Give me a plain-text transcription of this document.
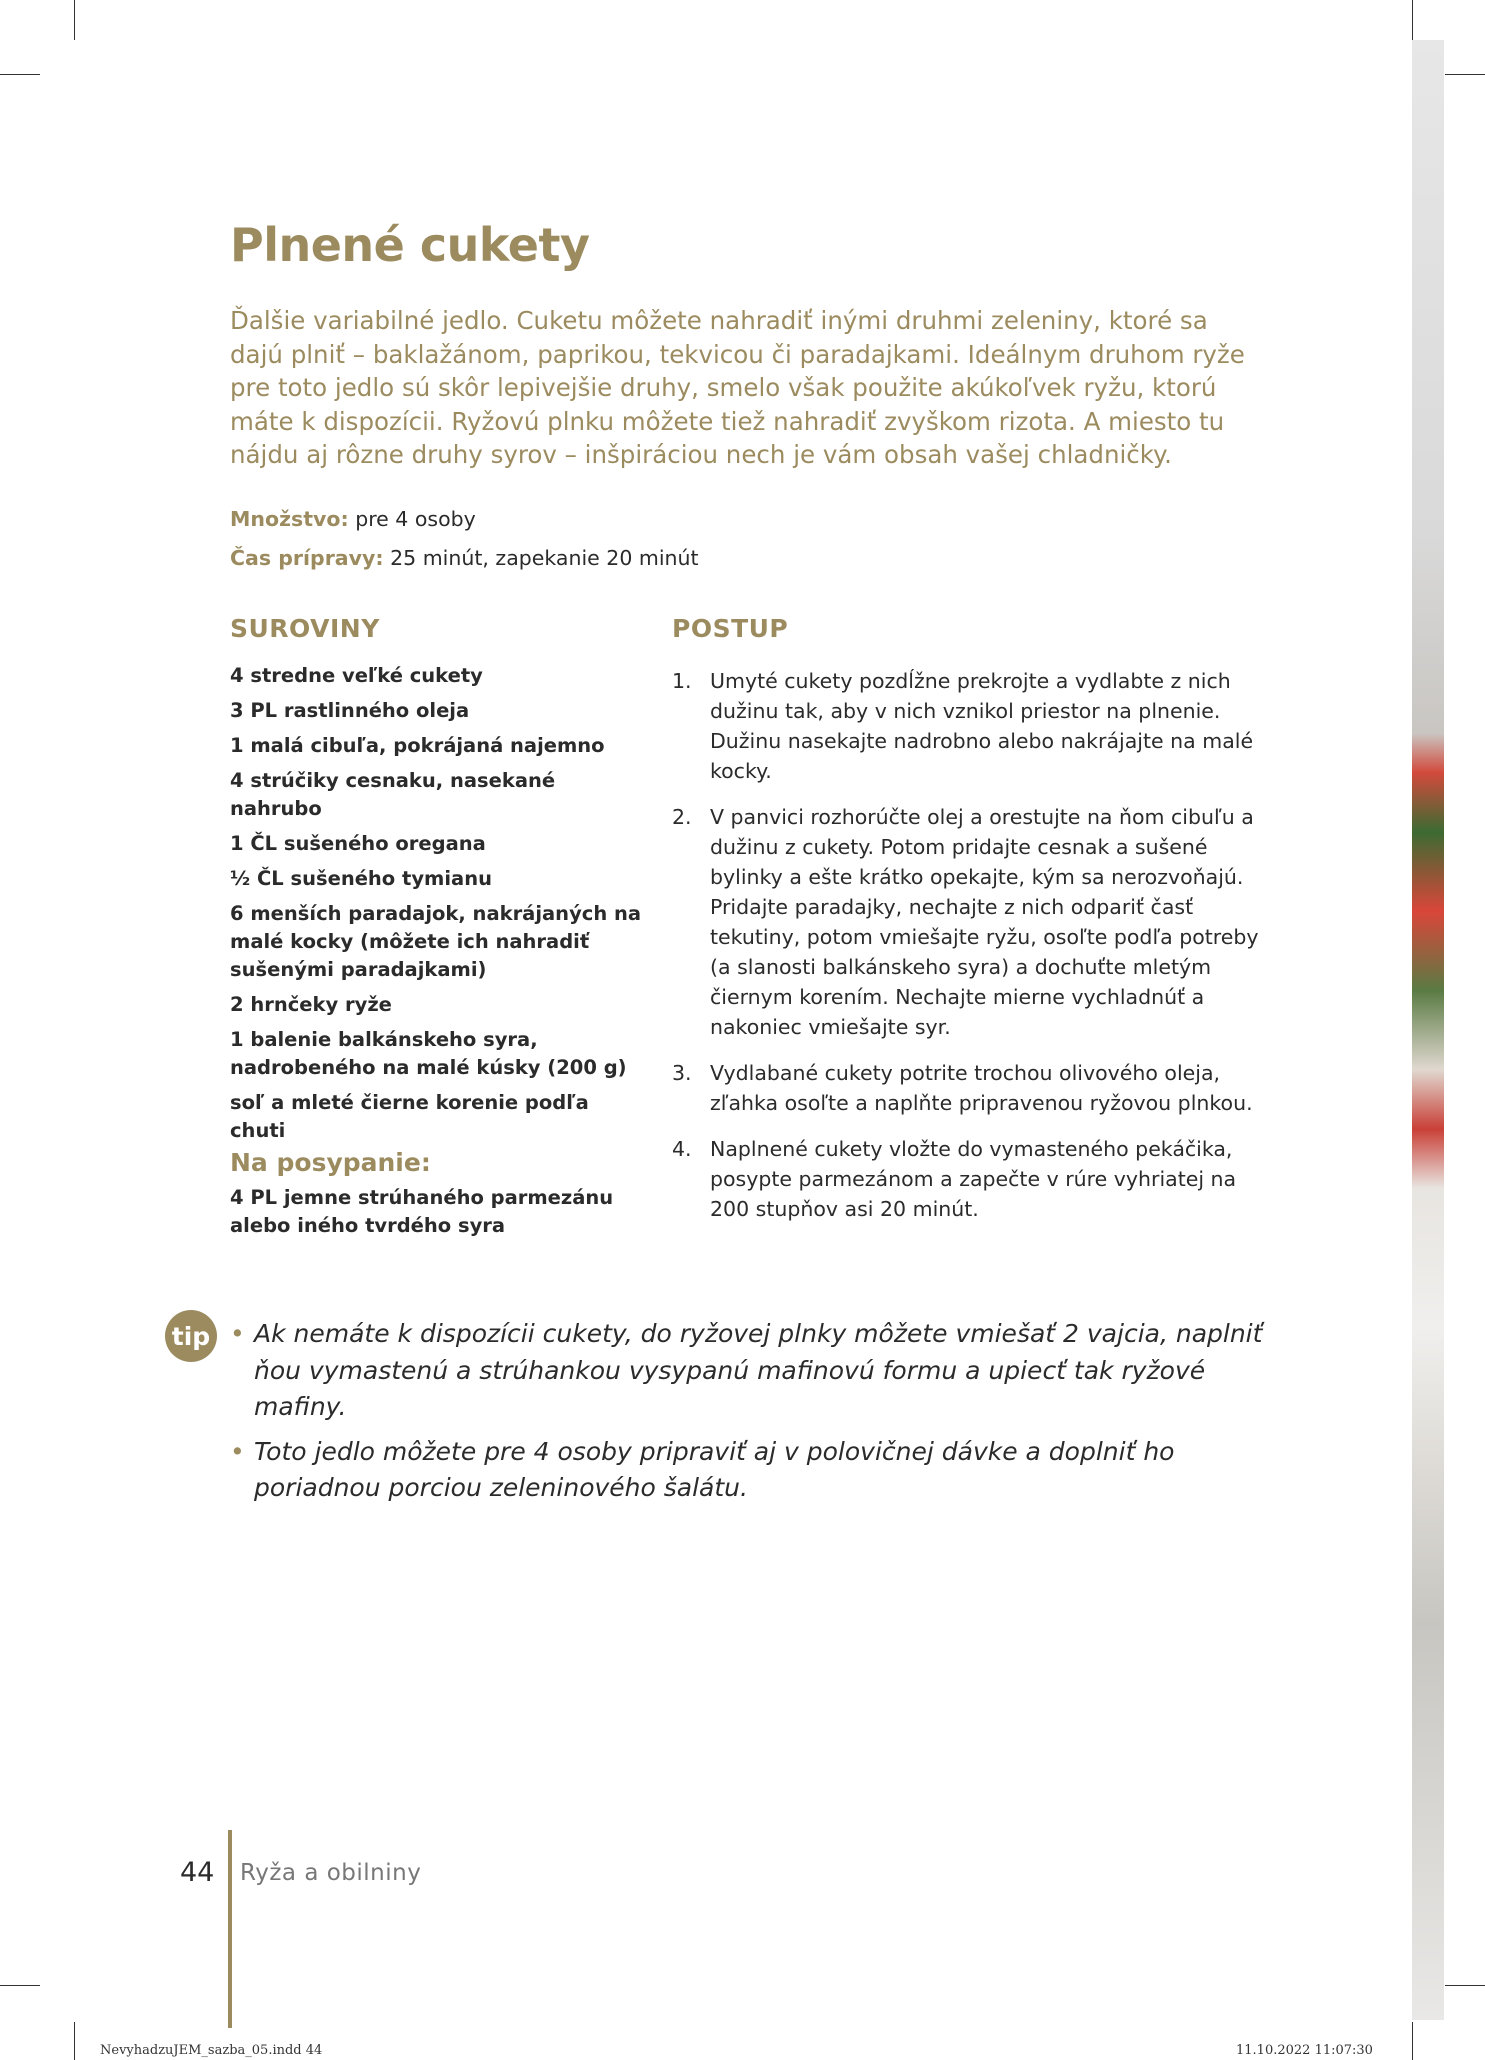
Plnené cukety

Ďalšie variabilné jedlo. Cuketu môžete nahradiť inými druhmi zeleniny, ktoré sa dajú plniť – baklažánom, paprikou, tekvicou či paradajkami. Ideálnym druhom ryže pre toto jedlo sú skôr lepivejšie druhy, smelo však použite akúkoľvek ryžu, ktorú máte k dispozícii. Ryžovú plnku môžete tiež nahradiť zvyškom rizota. A miesto tu nájdu aj rôzne druhy syrov – inšpiráciou nech je vám obsah vašej chladničky.

Množstvo: pre 4 osoby
Čas prípravy: 25 minút, zapekanie 20 minút
SUROVINY
4 stredne veľké cukety
3 PL rastlinného oleja
1 malá cibuľa, pokrájaná najemno
4 strúčiky cesnaku, nasekané nahrubo
1 ČL sušeného oregana
½ ČL sušeného tymianu
6 menších paradajok, nakrájaných na malé kocky (môžete ich nahradiť sušenými paradajkami)
2 hrnčeky ryže
1 balenie balkánskeho syra, nadrobeného na malé kúsky (200 g)
soľ a mleté čierne korenie podľa chuti
Na posypanie:

4 PL jemne strúhaného parmezánu alebo iného tvrdého syra

POSTUP
1. Umyté cukety pozdĺžne prekrojte a vydlabte z nich dužinu tak, aby v nich vznikol priestor na plnenie. Dužinu nasekajte nadrobno alebo nakrájajte na malé kocky.
2. V panvici rozhorúčte olej a orestujte na ňom cibuľu a dužinu z cukety. Potom pridajte cesnak a sušené bylinky a ešte krátko opekajte, kým sa nerozvoňajú. Pridajte paradajky, nechajte z nich odpariť časť tekutiny, potom vmiešajte ryžu, osoľte podľa potreby (a slanosti balkánskeho syra) a dochuťte mletým čiernym korením. Nechajte mierne vychladnúť a nakoniec vmiešajte syr.
3. Vydlabané cukety potrite trochou olivového oleja, zľahka osoľte a naplňte pripravenou ryžovou plnkou.
4. Naplnené cukety vložte do vymasteného pekáčika, posypte parmezánom a zapečte v rúre vyhriatej na 200 stupňov asi 20 minút.
tip • Ak nemáte k dispozícii cukety, do ryžovej plnky môžete vmiešať 2 vajcia, naplniť ňou vymastenú a strúhankou vysypanú mafinovú formu a upiecť tak ryžové mafiny.
• Toto jedlo môžete pre 4 osoby pripraviť aj v polovičnej dávke a doplniť ho poriadnou porciou zeleninového šalátu.
44 Ryža a obilniny
NevyhadzuJEM_sazba_05.indd 44	11.10.2022 11:07:30
